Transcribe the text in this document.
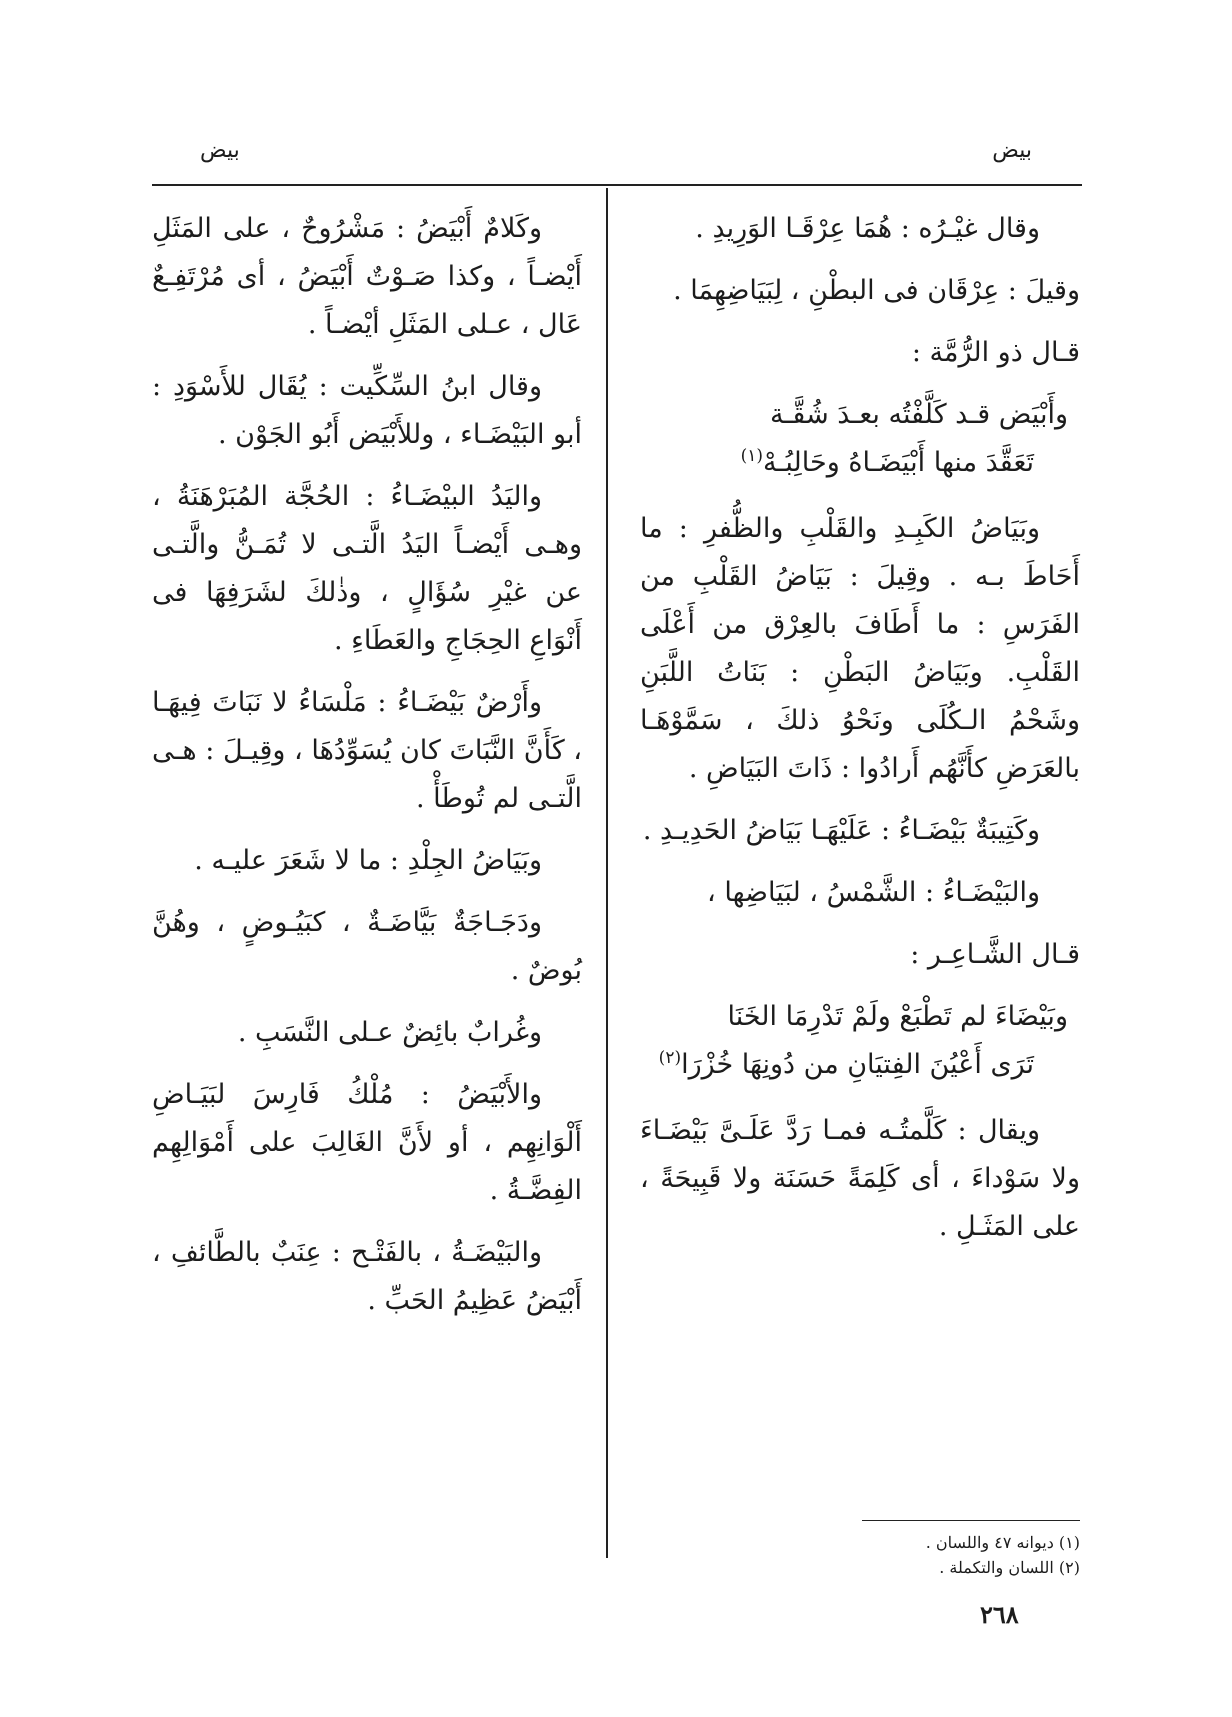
بيض
بيض

وقال غيْـرُه : هُمَا عِرْقَـا الوَرِيدِ .

وقيلَ : عِرْقَان فى البطْنِ ، لِبَيَاضِهِمَا .

قـال ذو الرُّمَّة :

وأَبْيَض قـد كَلَّفْتُه بعـدَ شُقَّـة
تَعَقَّدَ منها أَبْيَضَـاهُ وحَالِبُـهْ$^{(١)}$

وبَيَاضُ الكَبِـدِ والقَلْبِ والظُّفرِ : ما أَحَاطَ بـه . وقِيلَ : بَيَاضُ القَلْبِ من الفَرَسِ : ما أَطَافَ بالعِرْق من أَعْلَى القَلْبِ. وبَيَاضُ البَطْنِ : بَنَاتُ اللَّبَنِ وشَحْمُ الـكُلَى ونَحْوُ ذلكَ ، سَمَّوْهَـا بالعَرَضِ كأَنَّهُم أَرادُوا : ذَاتَ البَيَاضِ .

وكَتِيبَةٌ بَيْضَـاءُ : عَلَيْهَـا بَيَاضُ الحَدِيـدِ .

والبَيْضَـاءُ : الشَّمْسُ ، لبَيَاضِها ،

قـال الشَّـاعِـر :

وبَيْضَاءَ لم تَطْبَعْ ولَمْ تَدْرِمَا الخَنَا
تَرَى أَعْيُنَ الفِتيَانِ من دُونِهَا خُزْرَا$^{(٢)}$

ويقال : كَلَّمتُـه فمـا رَدَّ عَلَـىَّ بَيْضَـاءَ ولا سَوْداءَ ، أى كَلِمَةً حَسَنَة ولا قَبِيحَةً ، على المَثَـلِ .

وكَلامٌ أَبْيَضُ : مَشْرُوحٌ ، على المَثَلِ أَيْضـاً ، وكذا صَـوْتٌ أَبْيَضُ ، أى مُرْتَفِـعٌ عَال ، عـلى المَثَلِ أيْضـاً .

وقال ابنُ السِّكِّيت : يُقَال للأَسْوَدِ : أبو البَيْضَـاء ، وللأَبْيَض أَبُو الجَوْن .

واليَدُ البيْضَـاءُ : الحُجَّة المُبَرْهَنَةُ ، وهـى أَيْضـاً اليَدُ الَّتـى لا تُمَـنُّ والَّتـى عن غيْرِ سُؤَالٍ ، وذٰلكَ لشَرَفِهَا فى أَنْوَاعِ الحِجَاجِ والعَطَاءِ .

وأَرْضٌ بَيْضَـاءُ : مَلْسَاءُ لا نَبَاتَ فِيهَـا ، كَأَنَّ النَّبَاتَ كان يُسَوِّدُهَا ، وقِيـلَ : هـى الَّتـى لم تُوطَأْ .

وبَيَاضُ الجِلْدِ : ما لا شَعَرَ عليـه .

ودَجَـاجَةٌ بَيَّاضَـةٌ ، كبَيُـوضٍ ، وهُنَّ بُوضٌ .

وغُرابٌ بائِضٌ عـلى النَّسَبِ .

والأَبْيَضُ : مُلْكُ فَارِسَ لبَيَـاضِ أَلْوَانِهِم ، أو لأَنَّ الغَالِبَ على أَمْوَالِهِم الفِضَّـةُ .

والبَيْضَـةُ ، بالفَتْـح : عِنَبٌ بالطَّائفِ ، أَبْيَضُ عَظِيمُ الحَبِّ .

(١) ديوانه ٤٧ واللسان .
(٢) اللسان والتكملة .
٢٦٨
